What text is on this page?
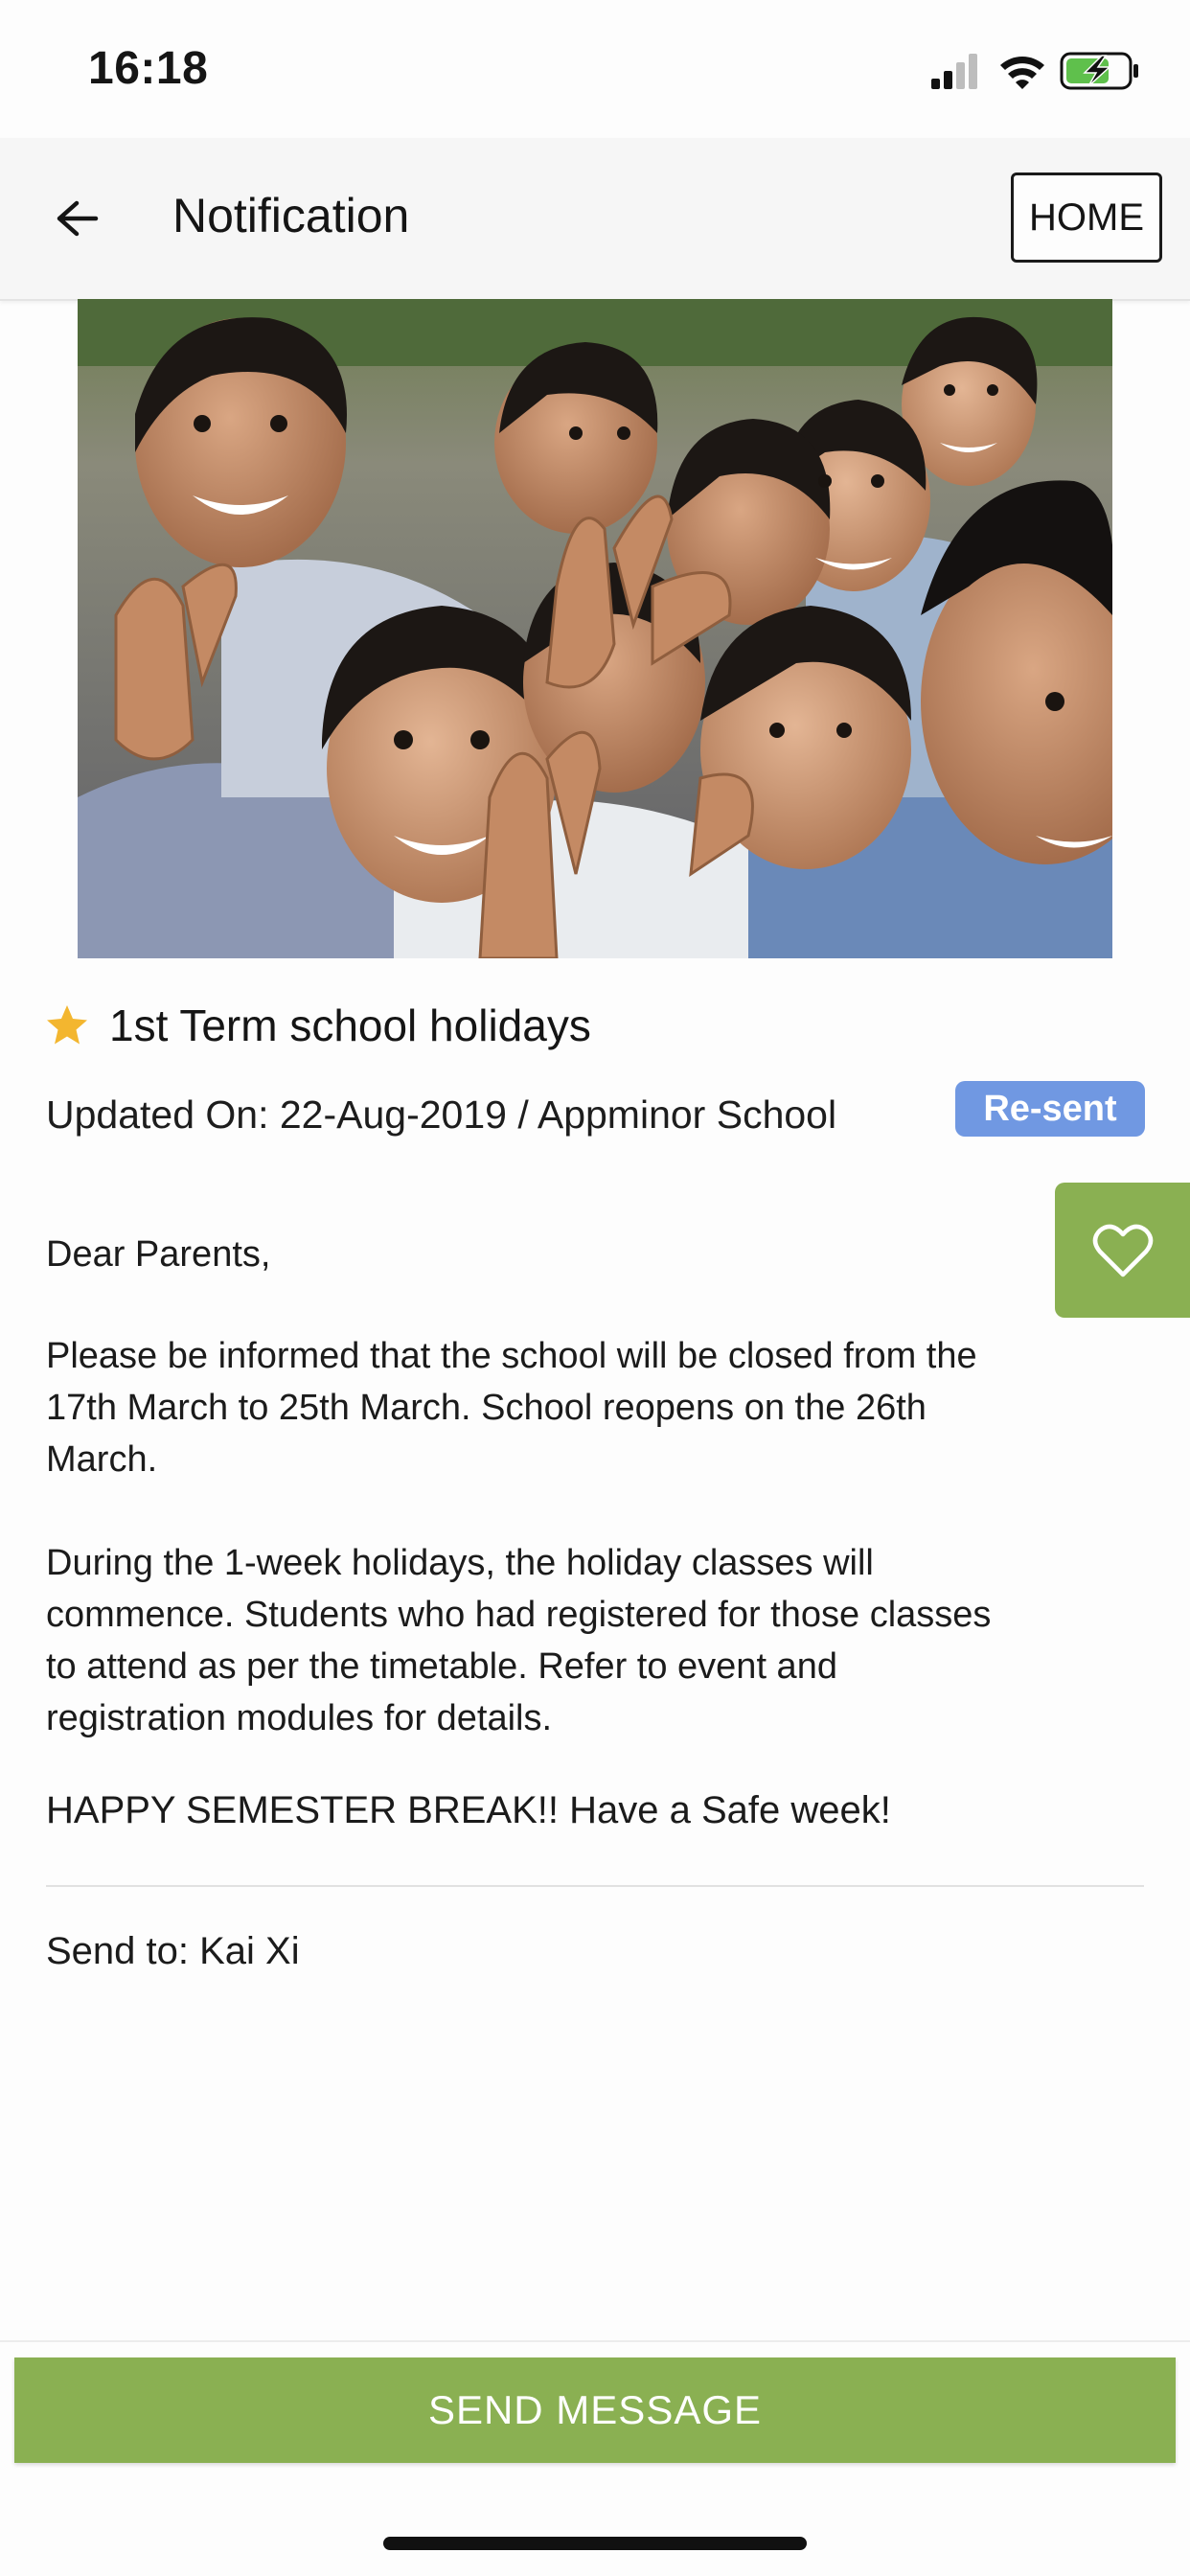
16:18
Notification	HOME
1st Term school holidays
Updated On: 22-Aug-2019 / Appminor School	Re-sent

Dear Parents,

Please be informed that the school will be closed from the 17th March to 25th March. School reopens on the 26th March.

During the 1-week holidays, the holiday classes will commence. Students who had registered for those classes to attend as per the timetable. Refer to event and registration modules for details.

HAPPY SEMESTER BREAK!! Have a Safe week!

Send to: Kai Xi
SEND MESSAGE
